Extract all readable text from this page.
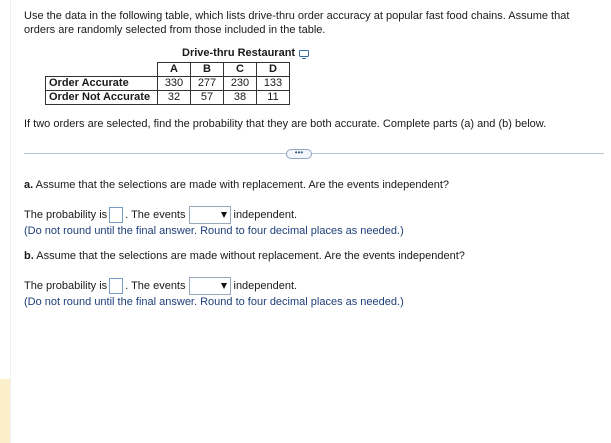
Use the data in the following table, which lists drive-thru order accuracy at popular fast food chains. Assume that orders are randomly selected from those included in the table.
Drive-thru Restaurant
	A	B	C	D
Order Accurate	330	277	230	133
Order Not Accurate	32	57	38	11
If two orders are selected, find the probability that they are both accurate. Complete parts (a) and (b) below.
•••
a. Assume that the selections are made with replacement. Are the events independent?
The probability is . The events	independent.
(Do not round until the final answer. Round to four decimal places as needed.)
b. Assume that the selections are made without replacement. Are the events independent?
The probability is . The events	independent.
(Do not round until the final answer. Round to four decimal places as needed.)
